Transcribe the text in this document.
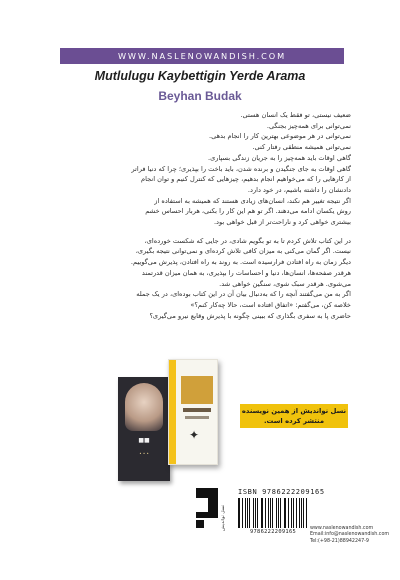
WWW.NASLENOWANDISH.COM
Mutlulugu Kaybettigin Yerde Arama
Beyhan Budak
ضعیف نیستی، تو فقط یک انسان هستی.
نمی‌توانی برای همه‌چیز بجنگی.
نمی‌توانی در هر موضوعی بهترین کار را انجام بدهی.
نمی‌توانی همیشه منطقی رفتار کنی.
گاهی اوقات باید همه‌چیز را به جریان زندگی بسپاری.
گاهی اوقات به جای جنگیدن و برنده شدن، باید باخت را بپذیری؛ چرا که دنیا فراتر
از کارهایی را که می‌خواهیم انجام بدهیم، چیزهایی که کنترل کنیم و توان انجام
دادنشان را داشته باشیم، در خود دارد.
اگر نتیجه تغییر هم نکند، انسان‌های زیادی هستند که همیشه به استفاده از
روش یکسان ادامه می‌دهند. اگر تو هم این کار را بکنی، هربار احساس خشم
بیشتری خواهی کرد و ناراحت‌تر از قبل خواهی بود.
در این کتاب تلاش کردم تا به تو بگویم شادی، در جایی که شکست خورده‌ای،
نیست. اگر گمان می‌کنی به میزان کافی تلاش کرده‌ای و نمی‌توانی نتیجه بگیری،
دیگر زمان به راه افتادن فرارسیده است. به روند به راه افتادن، پذیرش می‌گوییم.
هرقدر صفحه‌ها، انسان‌ها، دنیا و احساسات را بپذیری، به همان میزان قدرتمند
می‌شوی. هرقدر سبک شوی، سنگین خواهی شد.
اگر به من می‌گفتند آنچه را که به‌دنبال بیان آن در این کتاب بوده‌ای، در یک جمله
خلاصه کن، می‌گفتم: «اتفاق افتاده است، حالا چه‌کار کنم؟»
حاضری پا به سفری بگذاری که ببینی چگونه با پذیرش وقایع نیرو می‌گیری؟
■■
• • •
✦
نسل نواندیش از همین نویسنده
منتشر کرده است.
نسل نواندیش
ISBN 9786222209165
9786222209165
www.naslenowandish.com
Email:info@naslenowandish.com
Tel:(+98-21)88942247-9
